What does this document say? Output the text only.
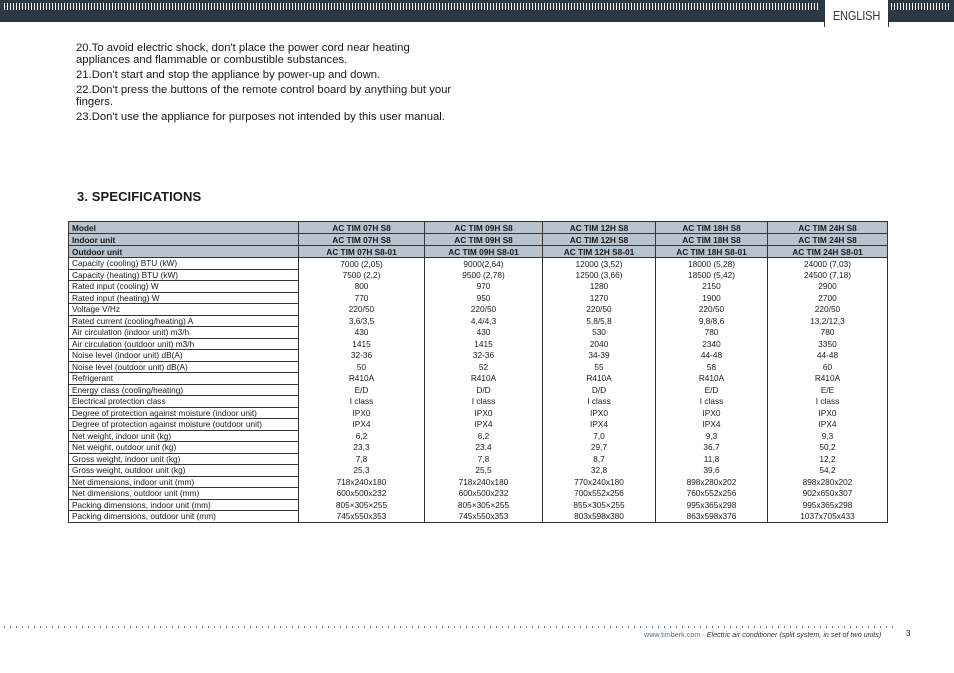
ENGLISH
20.To avoid electric shock, don't place the power cord near heating appliances and flammable or combustible substances.
21.Don't start and stop the appliance by power-up and down.
22.Don't press the buttons of the remote control board by anything but your fingers.
23.Don't use the appliance for purposes not intended by this user manual.
3. SPECIFICATIONS
Model	AC TIM 07H S8	AC TIM 09H S8	AC TIM 12H S8	AC TIM 18H S8	AC TIM 24H S8
Indoor unit	AC TIM 07H S8	AC TIM 09H S8	AC TIM 12H S8	AC TIM 18H S8	AC TIM 24H S8
Outdoor unit	AC TIM 07H S8-01	AC TIM 09H S8-01	AC TIM 12H S8-01	AC TIM 18H S8-01	AC TIM 24H S8-01
Capacity (cooling) BTU (kW)	7000 (2,05)	9000(2,64)	12000 (3,52)	18000 (5,28)	24000 (7,03)
Capacity (heating) BTU (kW)	7500 (2,2)	9500 (2,78)	12500 (3,66)	18500 (5,42)	24500 (7,18)
Rated input (cooling) W	800	970	1280	2150	2900
Rated input (heating) W	770	950	1270	1900	2700
Voltage V/Hz	220/50	220/50	220/50	220/50	220/50
Rated current (cooling/heating) A	3,6/3,5	4,4/4,3	5,8/5,8	9,8/8,6	13,2/12,3
Air circulation (indoor unit) m3/h	430	430	530	780	780
Air circulation (outdoor unit) m3/h	1415	1415	2040	2340	3350
Noise level (indoor unit) dB(A)	32-36	32-36	34-39	44-48	44-48
Noise level (outdoor unit) dB(A)	50	52	55	58	60
Refrigerant	R410A	R410A	R410A	R410A	R410A
Energy class (cooling/heating)	E/D	D/D	D/D	E/D	E/E
Electrical protection class	I class	I class	I class	I class	I class
Degree of protection against moisture (indoor unit)	IPX0	IPX0	IPX0	IPX0	IPX0
Degree of protection against moisture (outdoor unit)	IPX4	IPX4	IPX4	IPX4	IPX4
Net weight, indoor unit (kg)	6,2	6,2	7,0	9,3	9,3
Net weight, outdoor unit (kg)	23,3	23,4	29,7	36,7	50,2
Gross weight, indoor unit (kg)	7,8	7,8	8,7	11,8	12,2
Gross weight, outdoor unit (kg)	25,3	25,5	32,8	39,6	54,2
Net dimensions, indoor unit (mm)	718x240x180	718x240x180	770x240x180	898x280x202	898x280x202
Net dimensions, outdoor unit (mm)	600x500x232	600x500x232	700x552x256	760x552x256	902x650x307
Packing dimensions, indoor unit (mm)	805×305×255	805×305×255	855×305×255	995x365x298	995x365x298
Packing dimensions, outdoor unit (mm)	745x550x353	745x550x353	803x598x380	863x598x376	1037x705x433
www.timberk.com · Electric air conditioner (split system, in set of two units)	3
